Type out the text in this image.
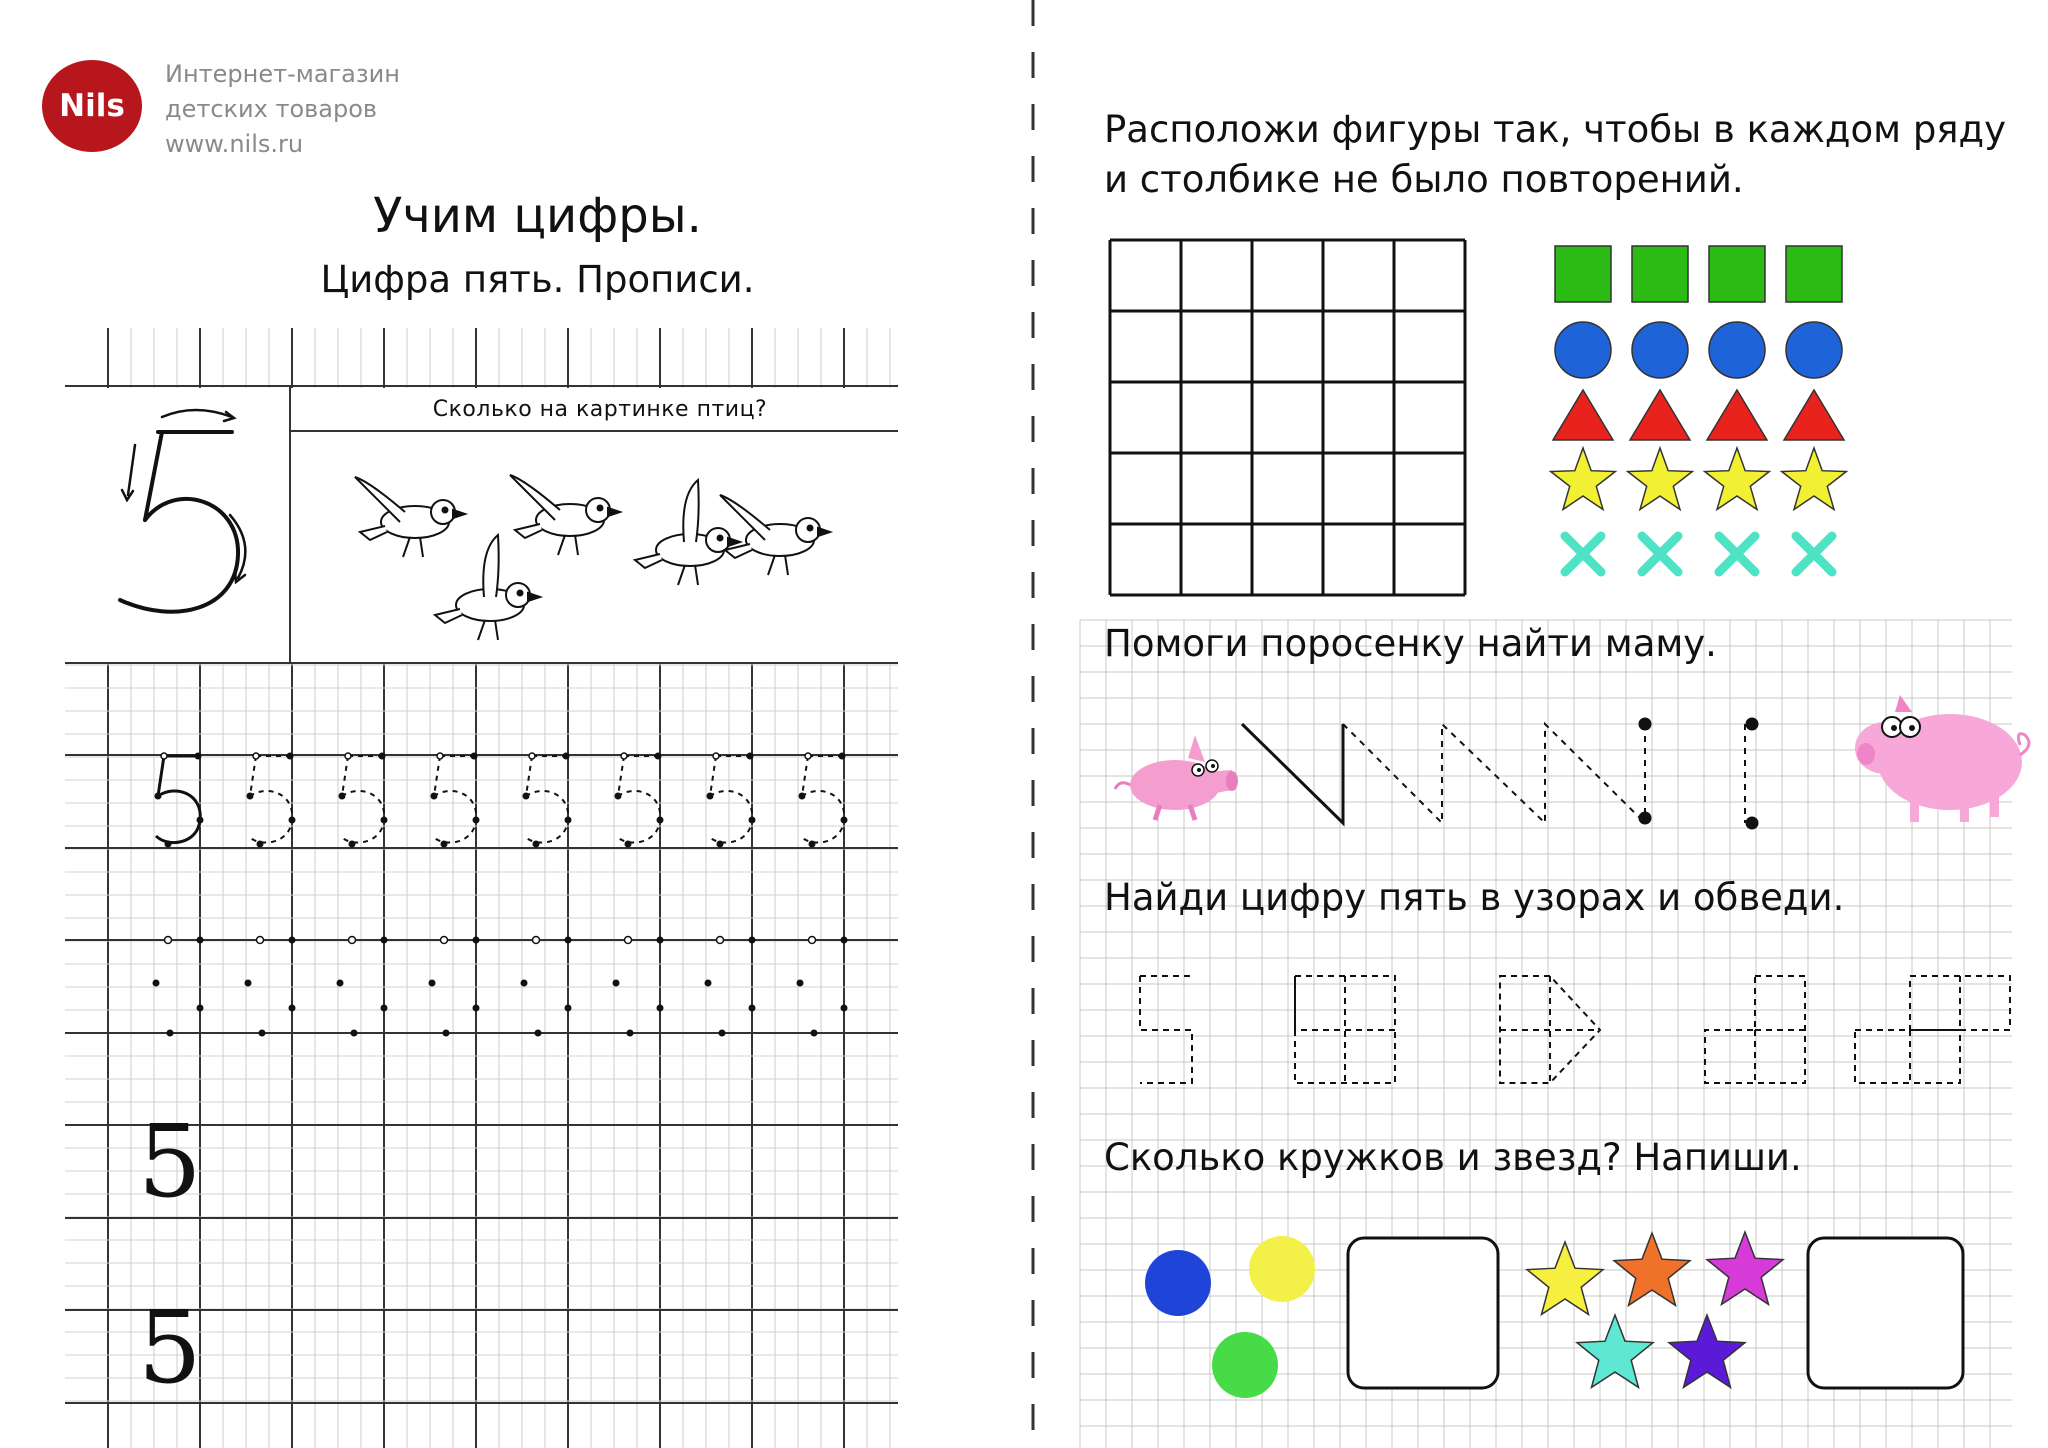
Nils
Интернет-магазин
детских товаров
www.nils.ru
Учим цифры.
Цифра пять. Прописи.
Сколько на картинке птиц?
Расположи фигуры так, чтобы в каждом ряду
и столбике не было повторений.
Помоги поросенку найти маму.
Найди цифру пять в узорах и обведи.
Сколько кружков и звезд? Напиши.
5
5
